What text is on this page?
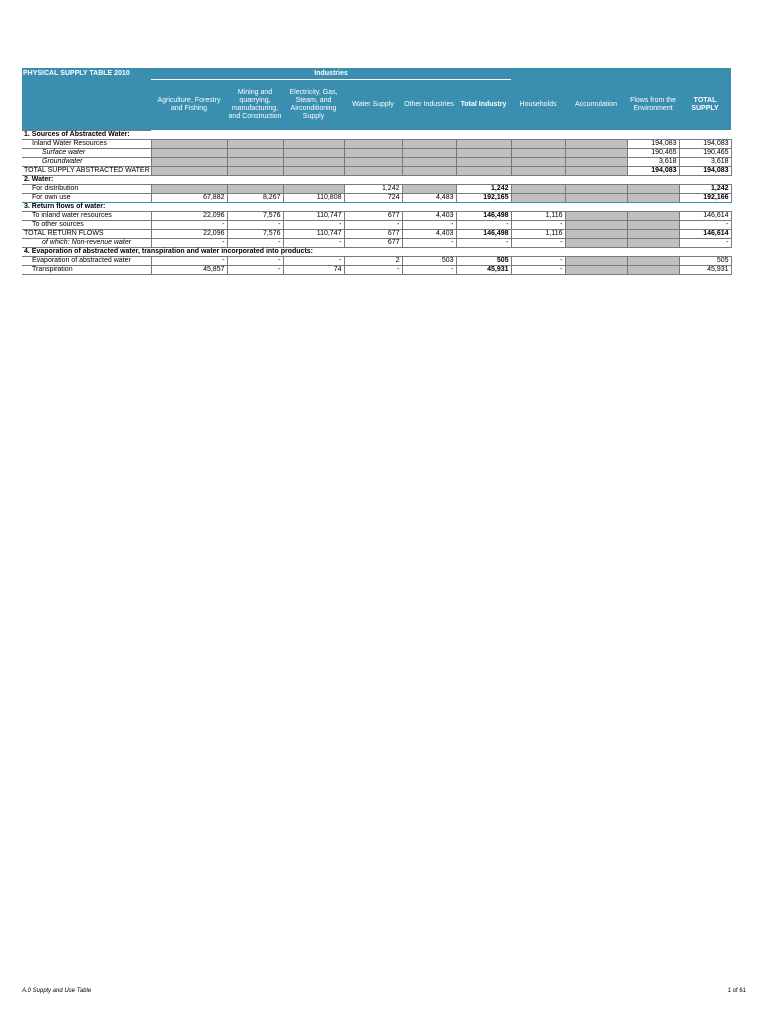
PHYSICAL SUPPLY TABLE 2010	Industries									
	Agriculture, Forestry and Fishing	Mining and quarrying, manufacturing, and Construction	Electricity, Gas, Steam, and Airconditioning Supply	Water Supply	Other Industries	Total Industry	Households	Accumulation	Flows from the Environment	TOTAL SUPPLY
1. Sources of Abstracted Water:										
Inland Water Resources									194,083	194,083
Surface water									190,465	190,465
Groundwater									3,618	3,618
TOTAL SUPPLY ABSTRACTED WATER									194,083	194,083
2. Water:										
For distribution				1,242		1,242				1,242
For own use	67,882	8,267	110,808	724	4,483	192,165				192,166
3. Return flows of water:										
To inland water resources	22,096	7,576	110,747	677	4,403	146,498	1,116			146,614
To other sources	-	-	-	-	-	-	-			-
TOTAL RETURN FLOWS	22,096	7,576	110,747	677	4,403	146,498	1,116			146,614
of which: Non-revenue water	-	-	-	677	-	-	-			-
4. Evaporation of abstracted water, transpiration and water incorporated into products:										
Evaporation of abstracted water	-	-	-	2	503	505	-			505
Transpiration	45,857	-	74	-	-	45,931	-			45,931
A.0 Supply and Use Table	1 of 61
